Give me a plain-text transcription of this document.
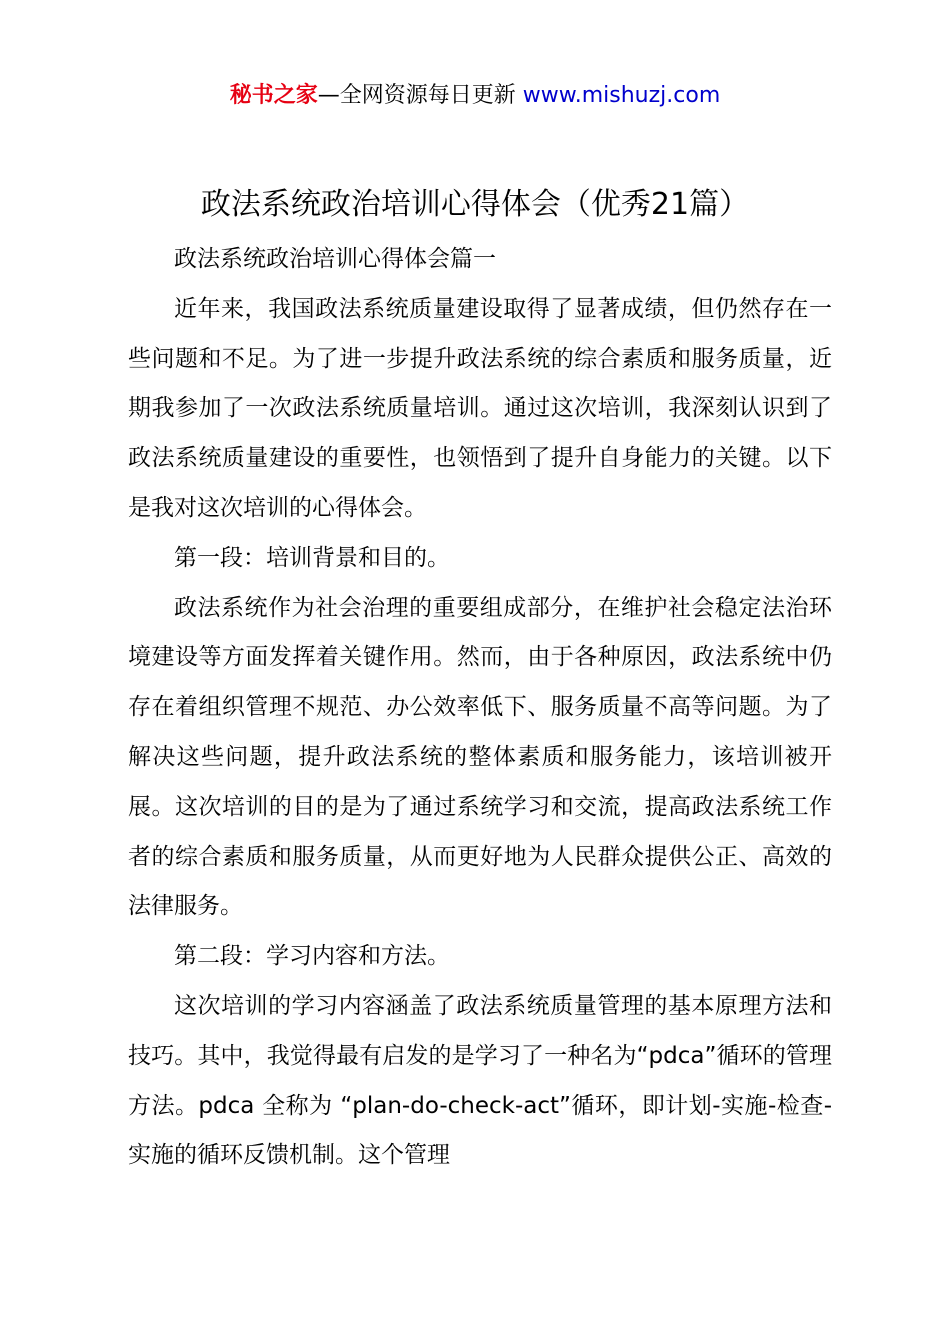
秘书之家—全网资源每日更新 www.mishuzj.com
政法系统政治培训心得体会（优秀21篇）

政法系统政治培训心得体会篇一

近年来，我国政法系统质量建设取得了显著成绩，但仍然存在一些问题和不足。为了进一步提升政法系统的综合素质和服务质量，近期我参加了一次政法系统质量培训。通过这次培训，我深刻认识到了政法系统质量建设的重要性，也领悟到了提升自身能力的关键。以下是我对这次培训的心得体会。

第一段：培训背景和目的。

政法系统作为社会治理的重要组成部分，在维护社会稳定法治环境建设等方面发挥着关键作用。然而，由于各种原因，政法系统中仍存在着组织管理不规范、办公效率低下、服务质量不高等问题。为了解决这些问题，提升政法系统的整体素质和服务能力，该培训被开展。这次培训的目的是为了通过系统学习和交流，提高政法系统工作者的综合素质和服务质量，从而更好地为人民群众提供公正、高效的法律服务。

第二段：学习内容和方法。

这次培训的学习内容涵盖了政法系统质量管理的基本原理方法和技巧。其中，我觉得最有启发的是学习了一种名为“pdca”循环的管理方法。pdca 全称为 “plan-do-check-act”循环，即计划-实施-检查-实施的循环反馈机制。这个管理
